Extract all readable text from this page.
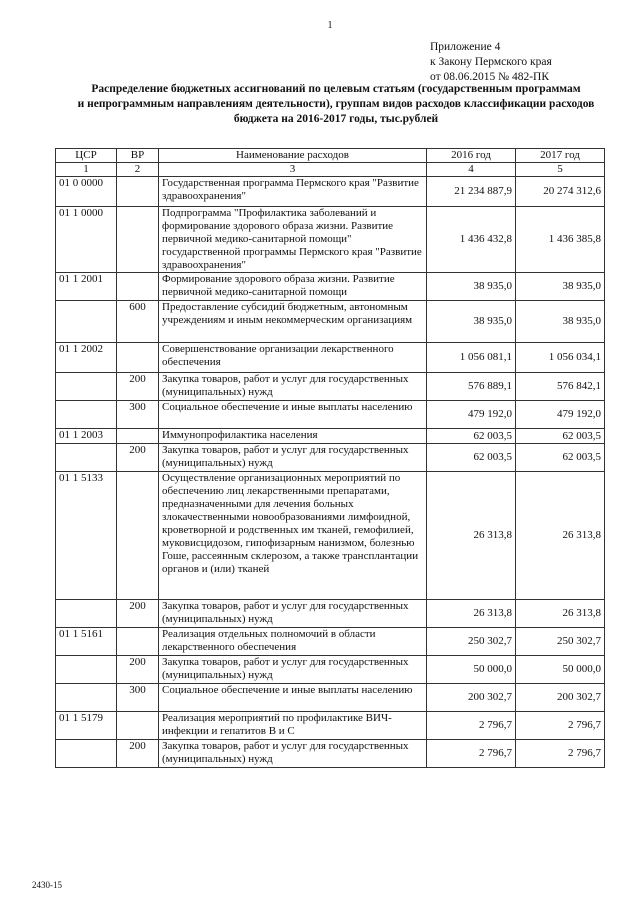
1
Приложение 4
к Закону Пермского края
от 08.06.2015 № 482-ПК
Распределение бюджетных ассигнований по целевым статьям (государственным программам
и непрограммным направлениям деятельности), группам видов расходов классификации расходов
бюджета на 2016-2017 годы, тыс.рублей
ЦСР	ВР	Наименование расходов	2016 год	2017 год
1	2	3	4	5
01 0 0000		Государственная программа Пермского края "Развитие здравоохранения"	21 234 887,9	20 274 312,6
01 1 0000		Подпрограмма "Профилактика заболеваний и формирование здорового образа жизни. Развитие первичной медико-санитарной помощи" государственной программы Пермского края "Развитие здравоохранения"	1 436 432,8	1 436 385,8
01 1 2001		Формирование здорового образа жизни. Развитие первичной медико-санитарной помощи	38 935,0	38 935,0
	600	Предоставление субсидий бюджетным, автономным учреждениям и иным некоммерческим организациям	38 935,0	38 935,0
01 1 2002		Совершенствование организации лекарственного обеспечения	1 056 081,1	1 056 034,1
	200	Закупка товаров, работ и услуг для государственных (муниципальных) нужд	576 889,1	576 842,1
	300	Социальное обеспечение и иные выплаты населению	479 192,0	479 192,0
01 1 2003		Иммунопрофилактика населения	62 003,5	62 003,5
	200	Закупка товаров, работ и услуг для государственных (муниципальных) нужд	62 003,5	62 003,5
01 1 5133		Осуществление организационных мероприятий по обеспечению лиц лекарственными препаратами, предназначенными для лечения больных злокачественными новообразованиями лимфоидной, кроветворной и родственных им тканей, гемофилией, муковисцидозом, гипофизарным нанизмом, болезнью Гоше, рассеянным склерозом, а также трансплантации органов и (или) тканей	26 313,8	26 313,8
	200	Закупка товаров, работ и услуг для государственных (муниципальных) нужд	26 313,8	26 313,8
01 1 5161		Реализация отдельных полномочий в области лекарственного обеспечения	250 302,7	250 302,7
	200	Закупка товаров, работ и услуг для государственных (муниципальных) нужд	50 000,0	50 000,0
	300	Социальное обеспечение и иные выплаты населению	200 302,7	200 302,7
01 1 5179		Реализация мероприятий по профилактике ВИЧ-инфекции и гепатитов В и С	2 796,7	2 796,7
	200	Закупка товаров, работ и услуг для государственных (муниципальных) нужд	2 796,7	2 796,7
2430-15
